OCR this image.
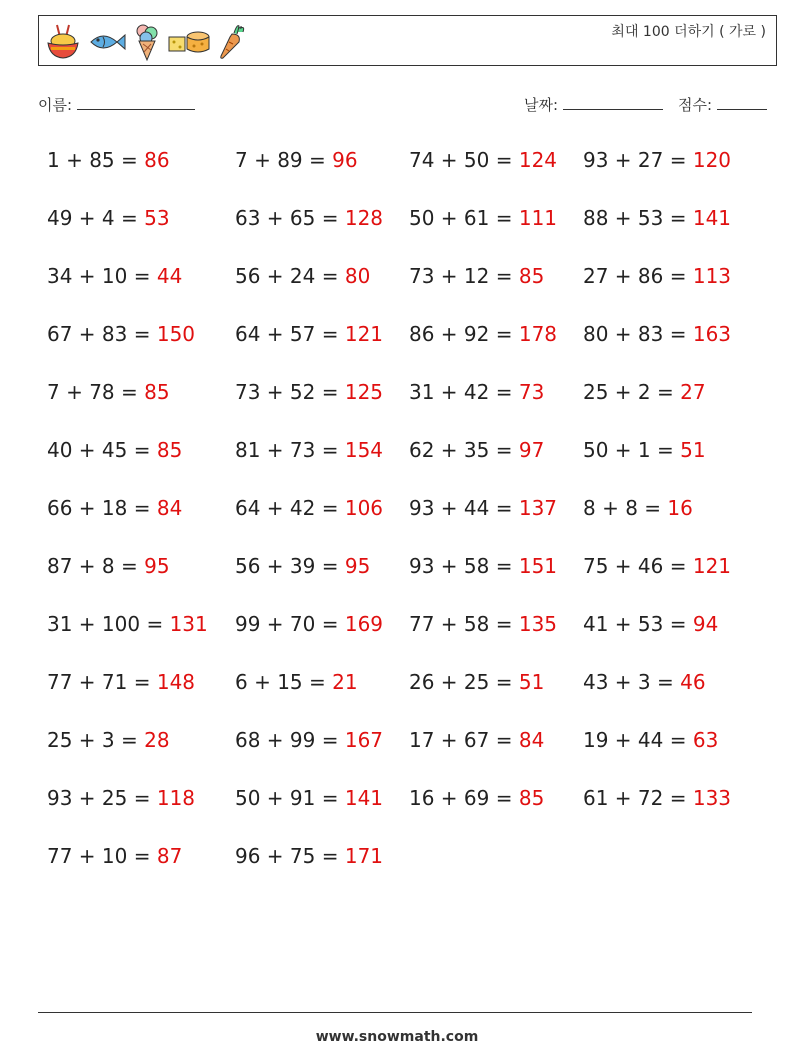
최대 100 더하기 ( 가로 )
이름:	날짜:	점수:
1 + 85 = 86	7 + 89 = 96	74 + 50 = 124 93 + 27 = 120
49 + 4 = 53	63 + 65 = 128 50 + 61 = 111 88 + 53 = 141
34 + 10 = 44	56 + 24 = 80 73 + 12 = 85 27 + 86 = 113
67 + 83 = 150 64 + 57 = 121 86 + 92 = 178 80 + 83 = 163
7 + 78 = 85	73 + 52 = 125 31 + 42 = 73 25 + 2 = 27
40 + 45 = 85	81 + 73 = 154 62 + 35 = 97 50 + 1 = 51
66 + 18 = 84	64 + 42 = 106 93 + 44 = 137 8 + 8 = 16
87 + 8 = 95	56 + 39 = 95 93 + 58 = 151 75 + 46 = 121
31 + 100 = 131 99 + 70 = 169 77 + 58 = 135 41 + 53 = 94
77 + 71 = 148 6 + 15 = 21	26 + 25 = 51 43 + 3 = 46
25 + 3 = 28	68 + 99 = 167 17 + 67 = 84 19 + 44 = 63
93 + 25 = 118 50 + 91 = 141 16 + 69 = 85 61 + 72 = 133
77 + 10 = 87	96 + 75 = 171
www.snowmath.com
